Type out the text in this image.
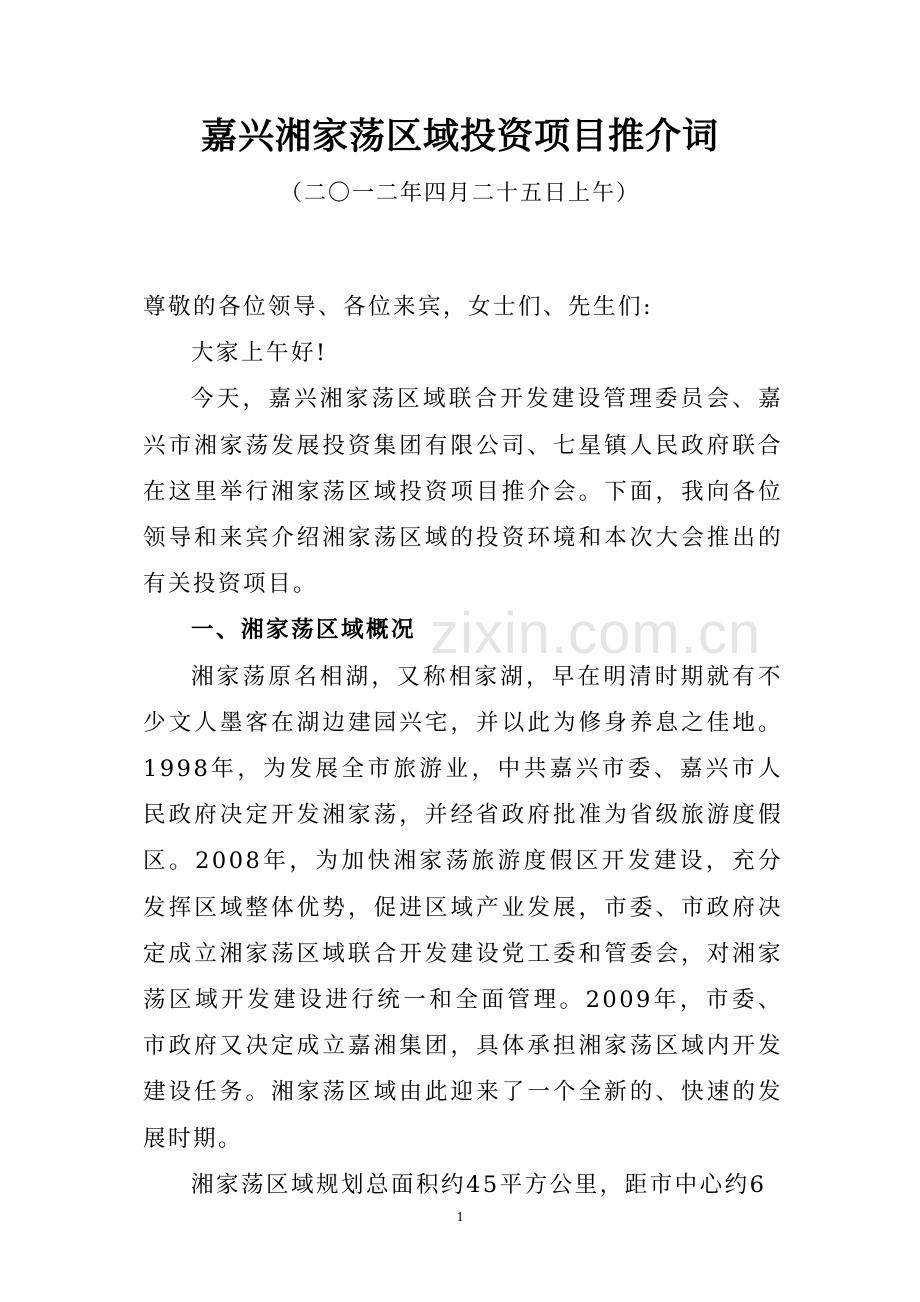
嘉兴湘家荡区域投资项目推介词
（二〇一二年四月二十五日上午）

尊敬的各位领导、各位来宾，女士们、先生们:

大家上午好!

今天，嘉兴湘家荡区域联合开发建设管理委员会、嘉兴市湘家荡发展投资集团有限公司、七星镇人民政府联合在这里举行湘家荡区域投资项目推介会。下面，我向各位领导和来宾介绍湘家荡区域的投资环境和本次大会推出的有关投资项目。

一、湘家荡区域概况

湘家荡原名相湖，又称相家湖，早在明清时期就有不少文人墨客在湖边建园兴宅，并以此为修身养息之佳地。1998年，为发展全市旅游业，中共嘉兴市委、嘉兴市人民政府决定开发湘家荡，并经省政府批准为省级旅游度假区。2008年，为加快湘家荡旅游度假区开发建设，充分发挥区域整体优势，促进区域产业发展，市委、市政府决定成立湘家荡区域联合开发建设党工委和管委会，对湘家荡区域开发建设进行统一和全面管理。2009年，市委、市政府又决定成立嘉湘集团，具体承担湘家荡区域内开发建设任务。湘家荡区域由此迎来了一个全新的、快速的发展时期。

湘家荡区域规划总面积约45平方公里，距市中心约6

zixin.com.cn
1
